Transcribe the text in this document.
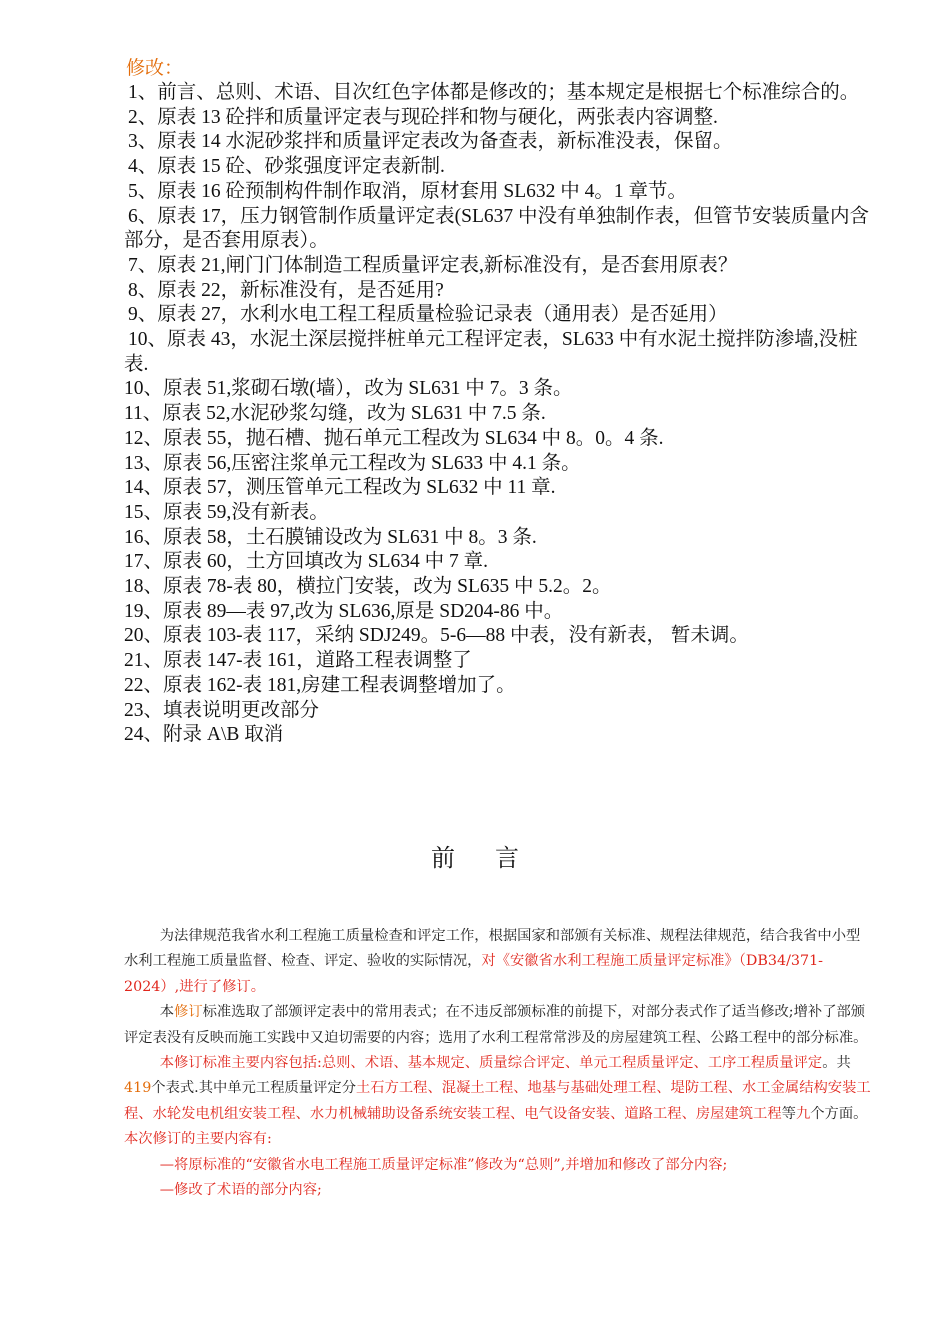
修改：

1、前言、总则、术语、目次红色字体都是修改的；基本规定是根据七个标准综合的。

2、原表 13 砼拌和质量评定表与现砼拌和物与硬化，两张表内容调整.

3、原表 14 水泥砂浆拌和质量评定表改为备查表，新标准没表，保留。

4、原表 15 砼、砂浆强度评定表新制.

5、原表 16 砼预制构件制作取消，原材套用 SL632 中 4。1 章节。

6、原表 17，压力钢管制作质量评定表(SL637 中没有单独制作表，但管节安装质量内含部分，是否套用原表）。

7、原表 21,闸门门体制造工程质量评定表,新标准没有，是否套用原表？

8、原表 22，新标准没有，是否延用?

9、原表 27，水利水电工程工程质量检验记录表（通用表）是否延用）

10、原表 43，水泥土深层搅拌桩单元工程评定表，SL633 中有水泥土搅拌防渗墙,没桩表.

10、原表 51,浆砌石墩(墙），改为 SL631 中 7。3 条。

11、原表 52,水泥砂浆勾缝，改为 SL631 中 7.5 条.

12、原表 55，抛石槽、抛石单元工程改为 SL634 中 8。0。4 条.

13、原表 56,压密注浆单元工程改为 SL633 中 4.1 条。

14、原表 57，测压管单元工程改为 SL632 中 11 章.

15、原表 59,没有新表。

16、原表 58，土石膜铺设改为 SL631 中 8。3 条.

17、原表 60，土方回填改为 SL634 中 7 章.

18、原表 78-表 80，横拉门安装，改为 SL635 中 5.2。2。

19、原表 89—表 97,改为 SL636,原是 SD204-86 中。

20、原表 103-表 117，采纳 SDJ249。5-6—88 中表，没有新表， 暂未调。

21、原表 147-表 161，道路工程表调整了

22、原表 162-表 181,房建工程表调整增加了。

23、填表说明更改部分

24、附录 A\B 取消

前言

为法律规范我省水利工程施工质量检查和评定工作，根据国家和部颁有关标准、规程法律规范，结合我省中小型水利工程施工质量监督、检查、评定、验收的实际情况，对《安徽省水利工程施工质量评定标准》（DB34/371-2024）,进行了修订。

本修订标准选取了部颁评定表中的常用表式；在不违反部颁标准的前提下，对部分表式作了适当修改;增补了部颁评定表没有反映而施工实践中又迫切需要的内容；选用了水利工程常常涉及的房屋建筑工程、公路工程中的部分标准。

本修订标准主要内容包括:总则、术语、基本规定、质量综合评定、单元工程质量评定、工序工程质量评定。共419个表式.其中单元工程质量评定分土石方工程、混凝土工程、地基与基础处理工程、堤防工程、水工金属结构安装工程、水轮发电机组安装工程、水力机械辅助设备系统安装工程、电气设备安装、道路工程、房屋建筑工程等九个方面。

本次修订的主要内容有:

—将原标准的“安徽省水电工程施工质量评定标准”修改为“总则”,并增加和修改了部分内容;

—修改了术语的部分内容;
